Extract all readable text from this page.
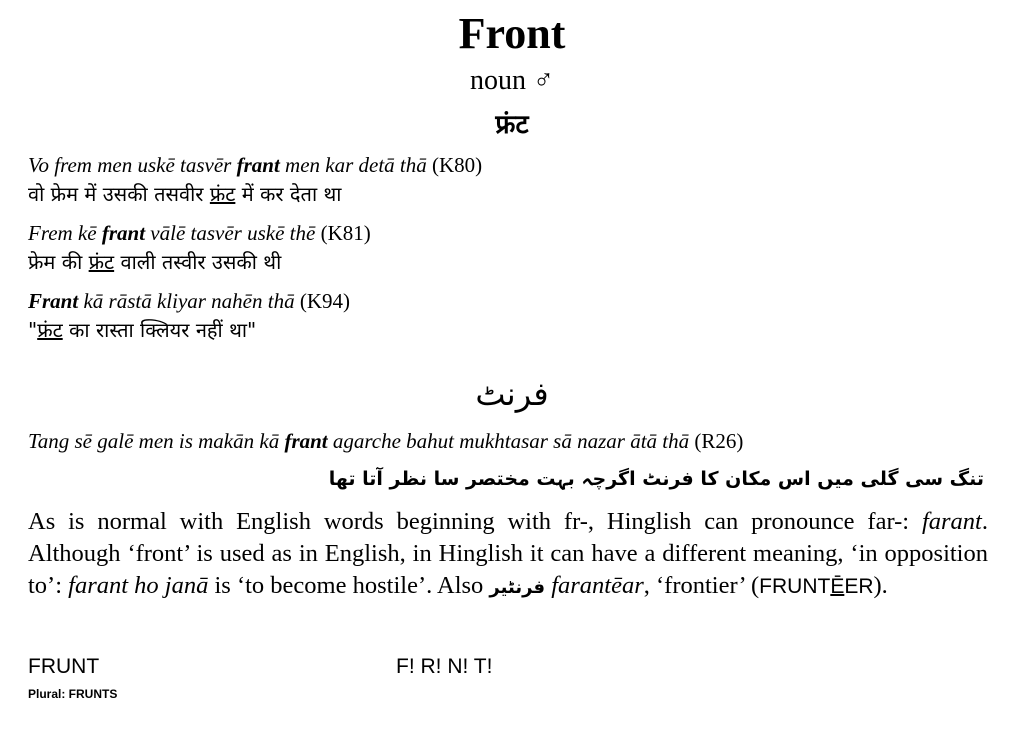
Front
noun ♂
फ्रंट
Vo frem men uskē tasvēr frant men kar detā thā (K80)
वो फ्रेम में उसकी तसवीर फ्रंट में कर देता था
Frem kē frant vālē tasvēr uskē thē (K81)
फ्रेम की फ्रंट वाली तस्वीर उसकी थी
Frant kā rāstā kliyar nahēn thā (K94)
"फ्रंट का रास्ता क्लियर नहीं था"
فرنٹ
Tang sē galē men is makān kā frant agarche bahut mukhtasar sā nazar ātā thā (R26)
تنگ سی گلی میں اس مکان کا فرنٹ اگرچہ بہت مختصر سا نظر آتا تھا
As is normal with English words beginning with fr-, Hinglish can pronounce far-: farant. Although ‘front’ is used as in English, in Hinglish it can have a different meaning, ‘in opposition to’: farant ho janā is ‘to become hostile’. Also فرنٹیر farantēar, ‘frontier’ (FRUNTĒER).
FRUNT	F! R! N! T!
Plural: FRUNTS
